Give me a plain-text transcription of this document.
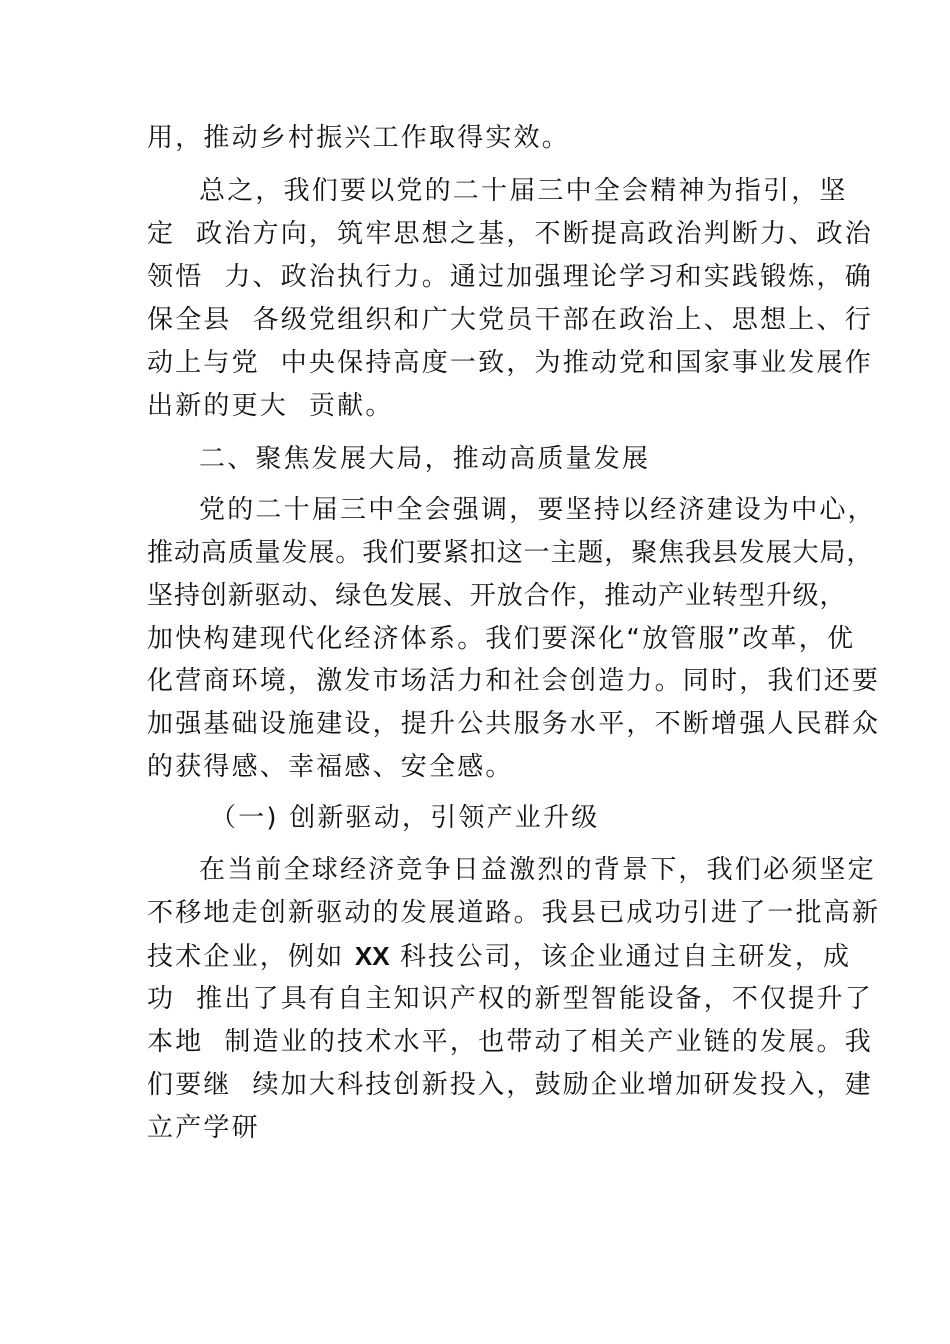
用，推动乡村振兴工作取得实效。
总之，我们要以党的二十届三中全会精神为指引，坚
定  政治方向，筑牢思想之基，不断提高政治判断力、政治
领悟  力、政治执行力。通过加强理论学习和实践锻炼，确
保全县  各级党组织和广大党员干部在政治上、思想上、行
动上与党  中央保持高度一致，为推动党和国家事业发展作
出新的更大  贡献。
二、聚焦发展大局，推动高质量发展
党的二十届三中全会强调，要坚持以经济建设为中心，
推动高质量发展。我们要紧扣这一主题，聚焦我县发展大局，
坚持创新驱动、绿色发展、开放合作，推动产业转型升级，
加快构建现代化经济体系。我们要深化“放管服”改革，优
化营商环境，激发市场活力和社会创造力。同时，我们还要
加强基础设施建设，提升公共服务水平，不断增强人民群众
的获得感、幸福感、安全感。
（一) 创新驱动，引领产业升级
在当前全球经济竞争日益激烈的背景下，我们必须坚定
不移地走创新驱动的发展道路。我县已成功引进了一批高新
技术企业，例如 XX 科技公司，该企业通过自主研发，成
功  推出了具有自主知识产权的新型智能设备，不仅提升了
本地  制造业的技术水平，也带动了相关产业链的发展。我
们要继  续加大科技创新投入，鼓励企业增加研发投入，建
立产学研
